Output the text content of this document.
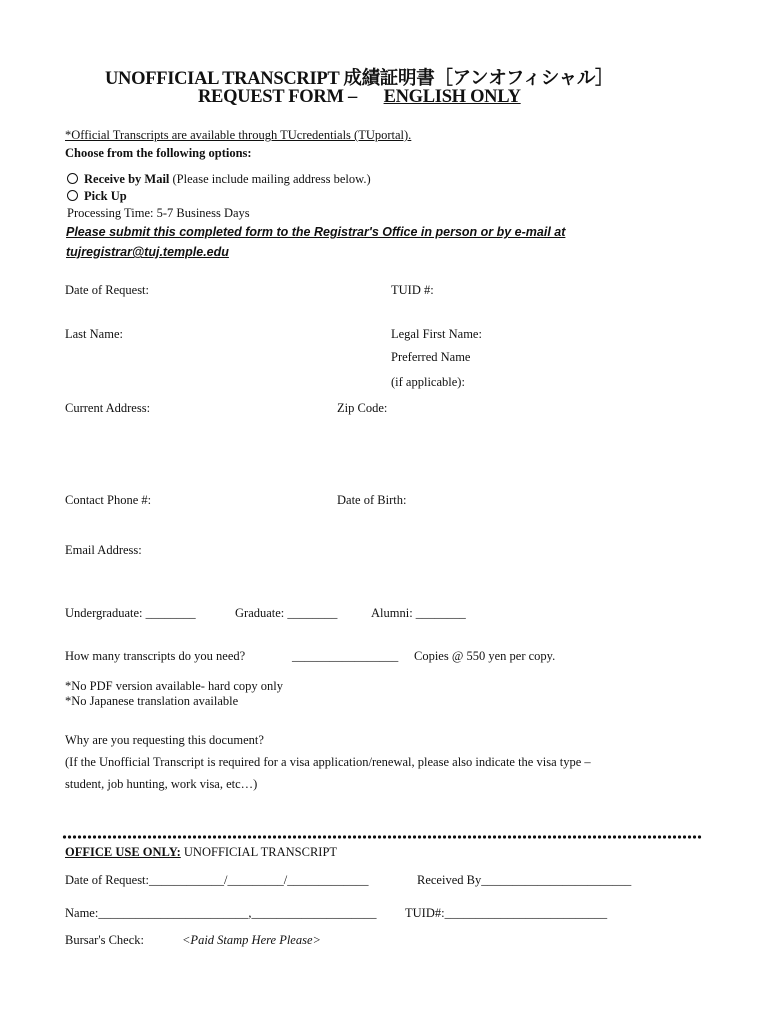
UNOFFICIAL TRANSCRIPT 成績証明書［アンオフィシャル］
REQUEST FORM – ENGLISH ONLY
*Official Transcripts are available through TUcredentials (TUportal).
Choose from the following options:
Receive by Mail (Please include mailing address below.)
Pick Up
Processing Time: 5-7 Business Days
Please submit this completed form to the Registrar's Office in person or by e-mail at
tujregistrar@tuj.temple.edu
Date of Request:	TUID #:
Last Name:	Legal First Name:
Preferred Name
(if applicable):
Current Address:	Zip Code:
Contact Phone #:	Date of Birth:
Email Address:
Undergraduate: ________	Graduate: ________	Alumni: ________
How many transcripts do you need?	_________________ Copies @ 550 yen per copy.
*No PDF version available- hard copy only
*No Japanese translation available
Why are you requesting this document?
(If the Unofficial Transcript is required for a visa application/renewal, please also indicate the visa type –
student, job hunting, work visa, etc…)
OFFICE USE ONLY: UNOFFICIAL TRANSCRIPT
Date of Request:____________/_________/_____________	Received By________________________
Name:________________________,____________________ TUID#:__________________________
Bursar's Check:	<Paid Stamp Here Please>
